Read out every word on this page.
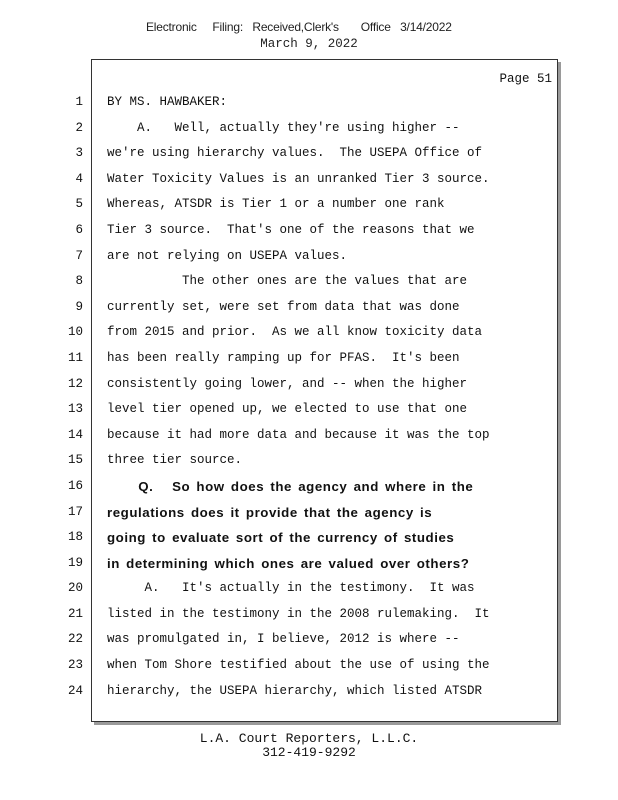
Electronic     Filing:   Received,Clerk's       Office   3/14/2022
March 9, 2022
Page 51
1 BY MS. HAWBAKER:
2 A.   Well, actually they're using higher --
3 we're using hierarchy values.  The USEPA Office of
4 Water Toxicity Values is an unranked Tier 3 source.
5 Whereas, ATSDR is Tier 1 or a number one rank
6 Tier 3 source.  That's one of the reasons that we
7 are not relying on USEPA values.
8 The other ones are the values that are
9 currently set, were set from data that was done
10 from 2015 and prior.  As we all know toxicity data
11 has been really ramping up for PFAS.  It's been
12 consistently going lower, and -- when the higher
13 level tier opened up, we elected to use that one
14 because it had more data and because it was the top
15 three tier source.
16 Q.   So how does the agency and where in the
17 regulations does it provide that the agency is
18 going to evaluate sort of the currency of studies
19 in determining which ones are valued over others?
20 A.   It's actually in the testimony.  It was
21 listed in the testimony in the 2008 rulemaking.  It
22 was promulgated in, I believe, 2012 is where --
23 when Tom Shore testified about the use of using the
24 hierarchy, the USEPA hierarchy, which listed ATSDR
L.A. Court Reporters, L.L.C.
312-419-9292
